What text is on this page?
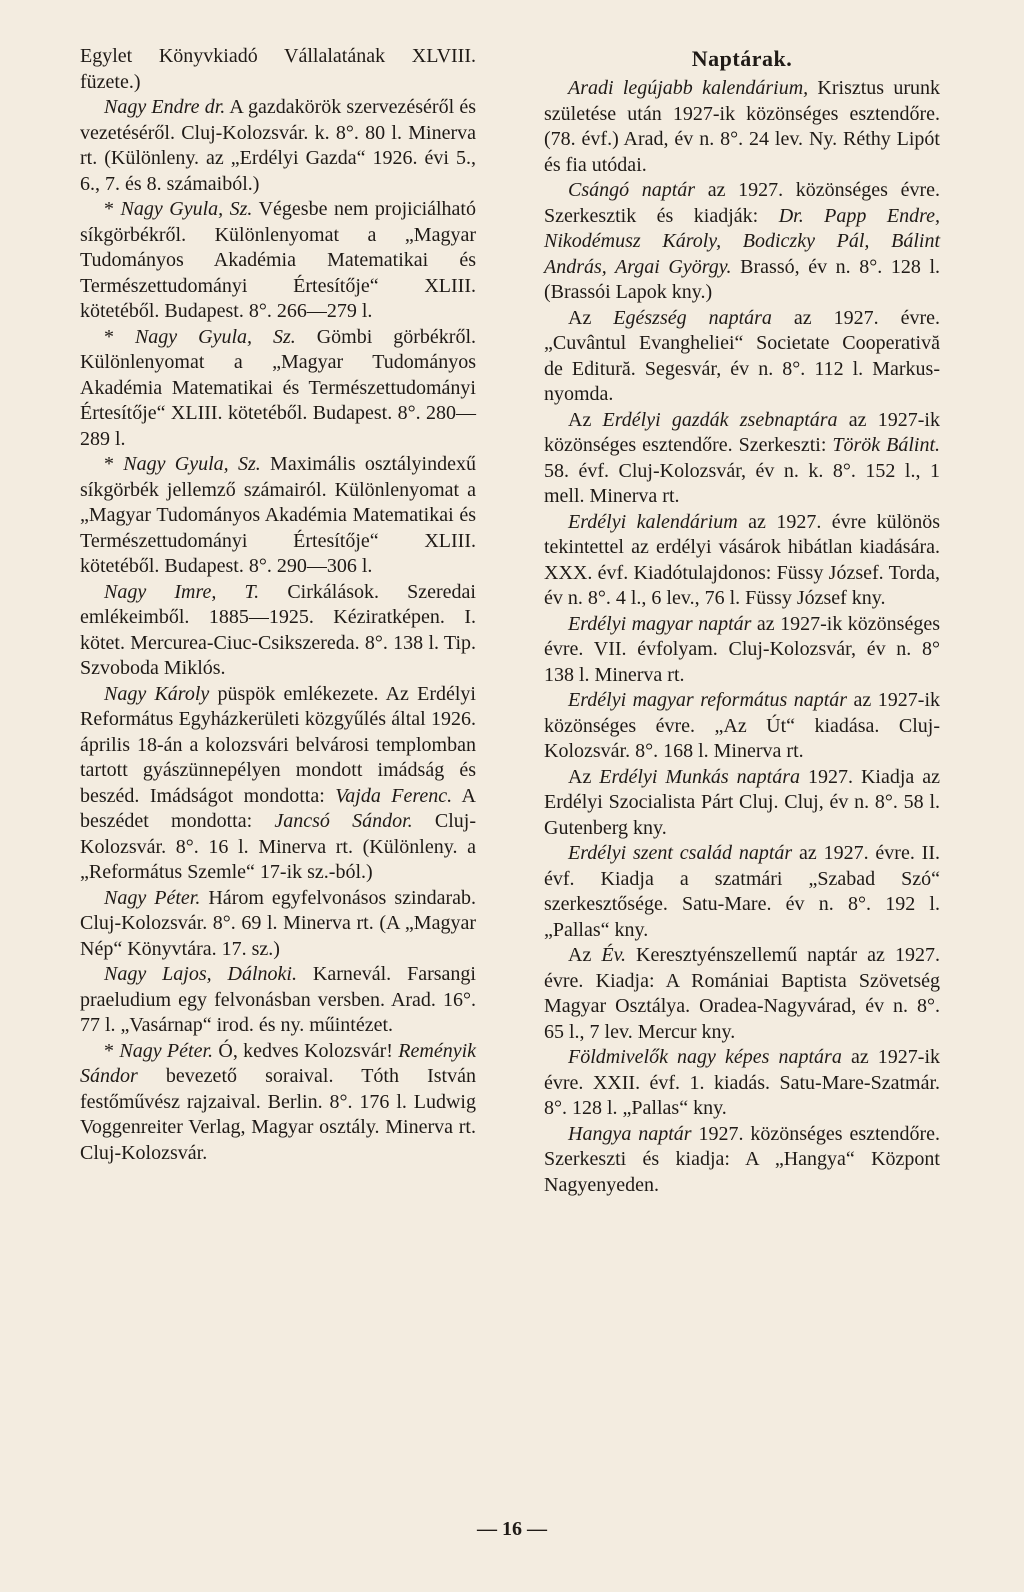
Egylet Könyvkiadó Vállalatának XLVIII. füzete.)

Nagy Endre dr. A gazdakörök szervezéséről és vezetéséről. Cluj-Kolozsvár. k. 8°. 80 l. Minerva rt. (Különleny. az „Erdélyi Gazda“ 1926. évi 5., 6., 7. és 8. számaiból.)

* Nagy Gyula, Sz. Végesbe nem projiciálható síkgörbékről. Különlenyomat a „Magyar Tudományos Akadémia Matematikai és Természettudományi Értesítője“ XLIII. kötetéből. Budapest. 8°. 266—279 l.

* Nagy Gyula, Sz. Gömbi görbékről. Különlenyomat a „Magyar Tudományos Akadémia Matematikai és Természettudományi Értesítője“ XLIII. kötetéből. Budapest. 8°. 280—289 l.

* Nagy Gyula, Sz. Maximális osztályindexű síkgörbék jellemző számairól. Különlenyomat a „Magyar Tudományos Akadémia Matematikai és Természettudományi Értesítője“ XLIII. kötetéből. Budapest. 8°. 290—306 l.

Nagy Imre, T. Cirkálások. Szeredai emlékeimből. 1885—1925. Kéziratképen. I. kötet. Mercurea-Ciuc-Csikszereda. 8°. 138 l. Tip. Szvoboda Miklós.

Nagy Károly püspök emlékezete. Az Erdélyi Református Egyházkerületi közgyűlés által 1926. április 18-án a kolozsvári belvárosi templomban tartott gyászünnepélyen mondott imádság és beszéd. Imádságot mondotta: Vajda Ferenc. A beszédet mondotta: Jancsó Sándor. Cluj-Kolozsvár. 8°. 16 l. Minerva rt. (Különleny. a „Református Szemle“ 17-ik sz.-ból.)

Nagy Péter. Három egyfelvonásos szindarab. Cluj-Kolozsvár. 8°. 69 l. Minerva rt. (A „Magyar Nép“ Könyvtára. 17. sz.)

Nagy Lajos, Dálnoki. Karnevál. Farsangi praeludium egy felvonásban versben. Arad. 16°. 77 l. „Vasárnap“ irod. és ny. műintézet.

* Nagy Péter. Ó, kedves Kolozsvár! Reményik Sándor bevezető soraival. Tóth István festőművész rajzaival. Berlin. 8°. 176 l. Ludwig Voggenreiter Verlag, Magyar osztály. Minerva rt. Cluj-Kolozsvár.

Naptárak.

Aradi legújabb kalendárium, Krisztus urunk születése után 1927-ik közönséges esztendőre. (78. évf.) Arad, év n. 8°. 24 lev. Ny. Réthy Lipót és fia utódai.

Csángó naptár az 1927. közönséges évre. Szerkesztik és kiadják: Dr. Papp Endre, Nikodémusz Károly, Bodiczky Pál, Bálint András, Argai György. Brassó, év n. 8°. 128 l. (Brassói Lapok kny.)

Az Egészség naptára az 1927. évre. „Cuvântul Evangheliei“ Societate Cooperativă de Editură. Segesvár, év n. 8°. 112 l. Markus-nyomda.

Az Erdélyi gazdák zsebnaptára az 1927-ik közönséges esztendőre. Szerkeszti: Török Bálint. 58. évf. Cluj-Kolozsvár, év n. k. 8°. 152 l., 1 mell. Minerva rt.

Erdélyi kalendárium az 1927. évre különös tekintettel az erdélyi vásárok hibátlan kiadására. XXX. évf. Kiadótulajdonos: Füssy József. Torda, év n. 8°. 4 l., 6 lev., 76 l. Füssy József kny.

Erdélyi magyar naptár az 1927-ik közönséges évre. VII. évfolyam. Cluj-Kolozsvár, év n. 8° 138 l. Minerva rt.

Erdélyi magyar református naptár az 1927-ik közönséges évre. „Az Út“ kiadása. Cluj-Kolozsvár. 8°. 168 l. Minerva rt.

Az Erdélyi Munkás naptára 1927. Kiadja az Erdélyi Szocialista Párt Cluj. Cluj, év n. 8°. 58 l. Gutenberg kny.

Erdélyi szent család naptár az 1927. évre. II. évf. Kiadja a szatmári „Szabad Szó“ szerkesztősége. Satu-Mare. év n. 8°. 192 l. „Pallas“ kny.

Az Év. Keresztyénszellemű naptár az 1927. évre. Kiadja: A Romániai Baptista Szövetség Magyar Osztálya. Oradea-Nagyvárad, év n. 8°. 65 l., 7 lev. Mercur kny.

Földmivelők nagy képes naptára az 1927-ik évre. XXII. évf. 1. kiadás. Satu-Mare-Szatmár. 8°. 128 l. „Pallas“ kny.

Hangya naptár 1927. közönséges esztendőre. Szerkeszti és kiadja: A „Hangya“ Központ Nagyenyeden.

— 16 —
